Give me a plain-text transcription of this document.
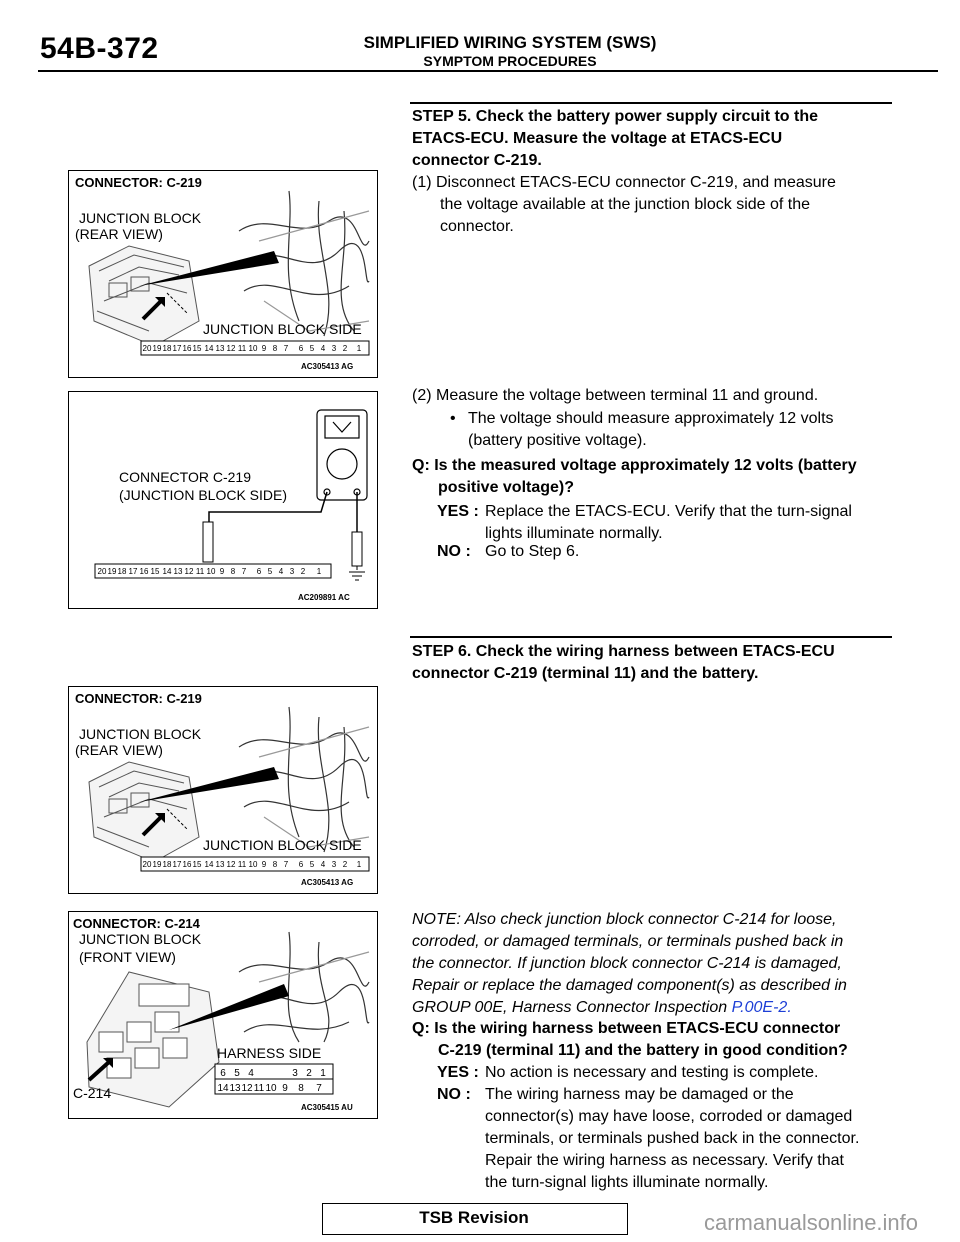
54B-372	SIMPLIFIED WIRING SYSTEM (SWS)
SYMPTOM PROCEDURES
STEP 5. Check the battery power supply circuit to the
ETACS-ECU. Measure the voltage at ETACS-ECU
connector C-219.
(1) Disconnect ETACS-ECU connector C-219, and measure
the voltage available at the junction block side of the
connector.
(2) Measure the voltage between terminal 11 and ground.
• The voltage should measure approximately 12 volts
(battery positive voltage).
Q: Is the measured voltage approximately 12 volts (battery
positive voltage)?
YES : Replace the ETACS-ECU. Verify that the turn-signal
lights illuminate normally.
NO : Go to Step 6.
STEP 6. Check the wiring harness between ETACS-ECU
connector C-219 (terminal 11) and the battery.
NOTE: Also check junction block connector C-214 for loose,
corroded, or damaged terminals, or terminals pushed back in
the connector. If junction block connector C-214 is damaged,
Repair or replace the damaged component(s) as described in
GROUP 00E, Harness Connector Inspection P.00E-2.
Q: Is the wiring harness between ETACS-ECU connector
C-219 (terminal 11) and the battery in good condition?
YES : No action is necessary and testing is complete.
NO : The wiring harness may be damaged or the
connector(s) may have loose, corroded or damaged
terminals, or terminals pushed back in the connector.
Repair the wiring harness as necessary. Verify that
the turn-signal lights illuminate normally.
CONNECTOR: C-219
JUNCTION BLOCK
(REAR VIEW)
JUNCTION BLOCK SIDE
20 19 18 17 16 15 14 13 12 11 10 9 8 7 6 5 4 3 2 1
AC305413 AG
CONNECTOR C-219
(JUNCTION BLOCK SIDE)
20 19 18 17 16 15 14 13 12 11 10 9 8 7 6 5 4 3 2 1
AC209891 AC
CONNECTOR: C-219
JUNCTION BLOCK
(REAR VIEW)
JUNCTION BLOCK SIDE
20 19 18 17 16 15 14 13 12 11 10 9 8 7 6 5 4 3 2 1
AC305413 AG
CONNECTOR: C-214
JUNCTION BLOCK
(FRONT VIEW)
C-214
HARNESS SIDE
6 5 4	3 2 1
14 13 12 11 10 9 8 7
AC305415 AU
TSB Revision	carmanualsonline.info
